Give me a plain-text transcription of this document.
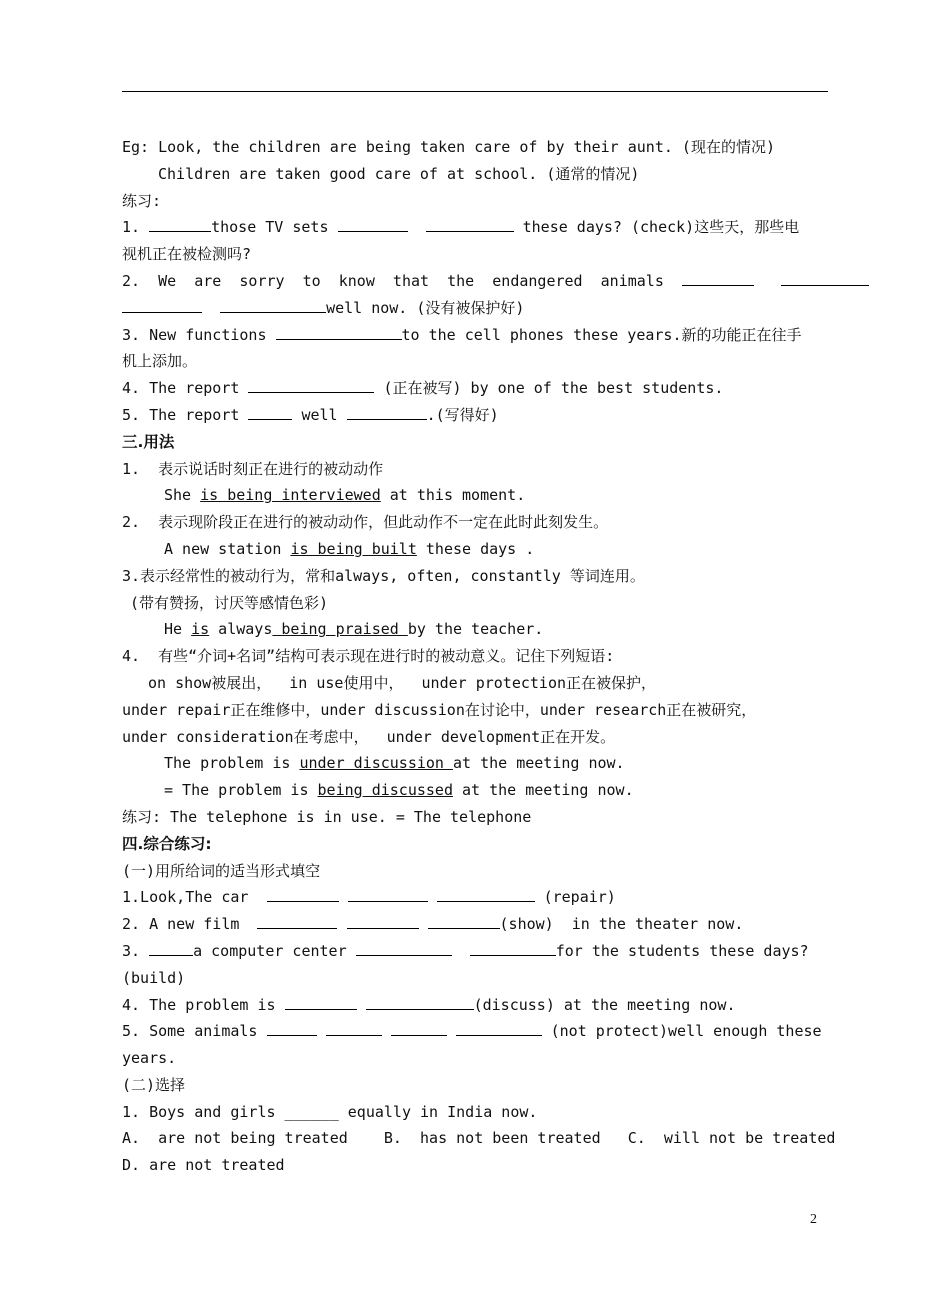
Eg: Look, the children are being taken care of by their aunt. (现在的情况)
Children are taken good care of at school. (通常的情况)
练习:
1.	those TV sets	these days? (check)这些天，那些电
视机正在被检测吗?
2.  We  are  sorry  to  know  that  the  endangered  animals
well now. (没有被保护好)
3. New functions	to the cell phones these years.新的功能正在往手
机上添加。
4. The report	(正在被写) by one of the best students.
5. The report	well	.(写得好)
三.用法
1.  表示说话时刻正在进行的被动动作
She is being interviewed at this moment.
2.  表示现阶段正在进行的被动动作，但此动作不一定在此时此刻发生。
A new station is being built these days .
3.表示经常性的被动行为，常和always, often, constantly 等词连用。
(带有赞扬，讨厌等感情色彩)
He is always being praised by the teacher.
4.  有些“介词+名词”结构可表示现在进行时的被动意义。记住下列短语:
on show被展出，  in use使用中，  under protection正在被保护，
under repair正在维修中，under discussion在讨论中，under research正在被研究，
under consideration在考虑中，  under development正在开发。
The problem is under discussion at the meeting now.
= The problem is being discussed at the meeting now.
练习: The telephone is in use. = The telephone
四.综合练习:
(一)用所给词的适当形式填空
1.Look,The car	(repair)
2. A new film	(show)  in the theater now.
3.	a computer center	for the students these days?
(build)
4. The problem is	(discuss) at the meeting now.
5. Some animals	(not protect)well enough these
years.
(二)选择
1. Boys and girls ______ equally in India now.
A.  are not being treated    B.  has not been treated   C.  will not be treated
D. are not treated
2
